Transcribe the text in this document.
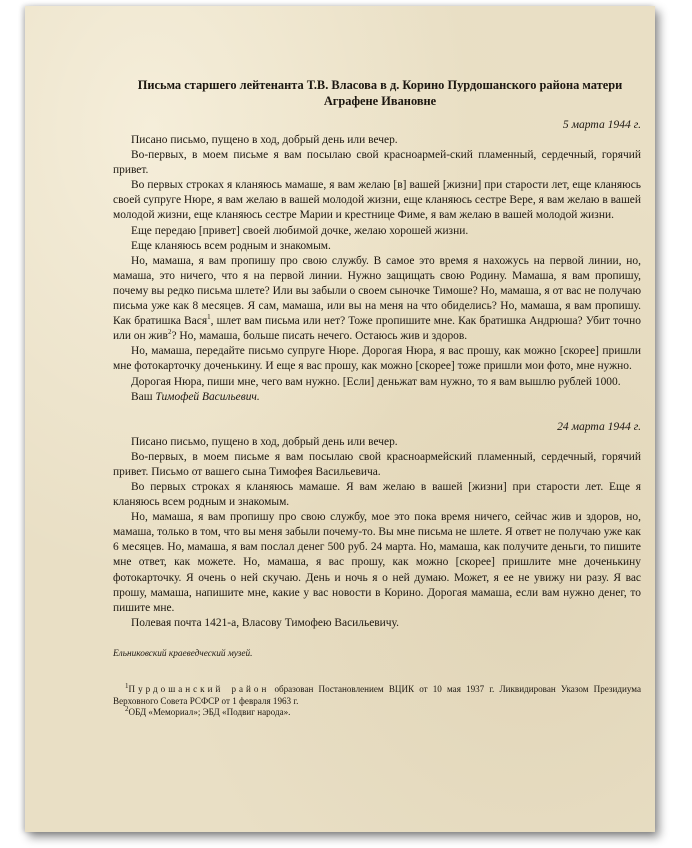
Письма старшего лейтенанта Т.В. Власова в д. Корино Пурдошанского района матери Аграфене Ивановне
5 марта 1944 г.

Писано письмо, пущено в ход, добрый день или вечер.

Во-первых, в моем письме я вам посылаю свой красноармей-ский пламенный, сердечный, горячий привет.

Во первых строках я кланяюсь мамаше, я вам желаю [в] вашей [жизни] при старости лет, еще кланяюсь своей супруге Нюре, я вам желаю в вашей молодой жизни, еще кланяюсь сестре Вере, я вам желаю в вашей молодой жизни, еще кланяюсь сестре Марии и крестнице Фиме, я вам желаю в вашей молодой жизни.

Еще передаю [привет] своей любимой дочке, желаю хорошей жизни.

Еще кланяюсь всем родным и знакомым.

Но, мамаша, я вам пропишу про свою службу. В самое это время я нахожусь на первой линии, но, мамаша, это ничего, что я на первой линии. Нужно защищать свою Родину. Мамаша, я вам пропишу, почему вы редко письма шлете? Или вы забыли о своем сыночке Тимоше? Но, мамаша, я от вас не получаю письма уже как 8 месяцев. Я сам, мамаша, или вы на меня на что обиделись? Но, мамаша, я вам пропишу. Как братишка Вася$^1$, шлет вам письма или нет? Тоже пропишите мне. Как братишка Андрюша? Убит точно или он жив$^2$? Но, мамаша, больше писать нечего. Остаюсь жив и здоров.

Но, мамаша, передайте письмо супруге Нюре. Дорогая Нюра, я вас прошу, как можно [скорее] пришли мне фотокарточку доченькину. И еще я вас прошу, как можно [скорее] тоже пришли мои фото, мне нужно.

Дорогая Нюра, пиши мне, чего вам нужно. [Если] деньжат вам нужно, то я вам вышлю рублей 1000.

Ваш Тимофей Васильевич.

24 марта 1944 г.

Писано письмо, пущено в ход, добрый день или вечер.

Во-первых, в моем письме я вам посылаю свой красноармейский пламенный, сердечный, горячий привет. Письмо от вашего сына Тимофея Васильевича.

Во первых строках я кланяюсь мамаше. Я вам желаю в вашей [жизни] при старости лет. Еще я кланяюсь всем родным и знакомым.

Но, мамаша, я вам пропишу про свою службу, мое это пока время ничего, сейчас жив и здоров, но, мамаша, только в том, что вы меня забыли почему-то. Вы мне письма не шлете. Я ответ не получаю уже как 6 месяцев. Но, мамаша, я вам послал денег 500 руб. 24 марта. Но, мамаша, как получите деньги, то пишите мне ответ, как можете. Но, мамаша, я вас прошу, как можно [скорее] пришлите мне доченькину фотокарточку. Я очень о ней скучаю. День и ночь я о ней думаю. Может, я ее не увижу ни разу. Я вас прошу, мамаша, напишите мне, какие у вас новости в Корино. Дорогая мамаша, если вам нужно денег, то пишите мне.

Полевая почта 1421-а, Власову Тимофею Васильевичу.

Ельниковский краеведческий музей.

$^1$Пурдошанский район образован Постановлением ВЦИК от 10 мая 1937 г. Ликвидирован Указом Президиума Верховного Совета РСФСР от 1 февраля 1963 г.

$^2$ОБД «Мемориал»; ЭБД «Подвиг народа».
